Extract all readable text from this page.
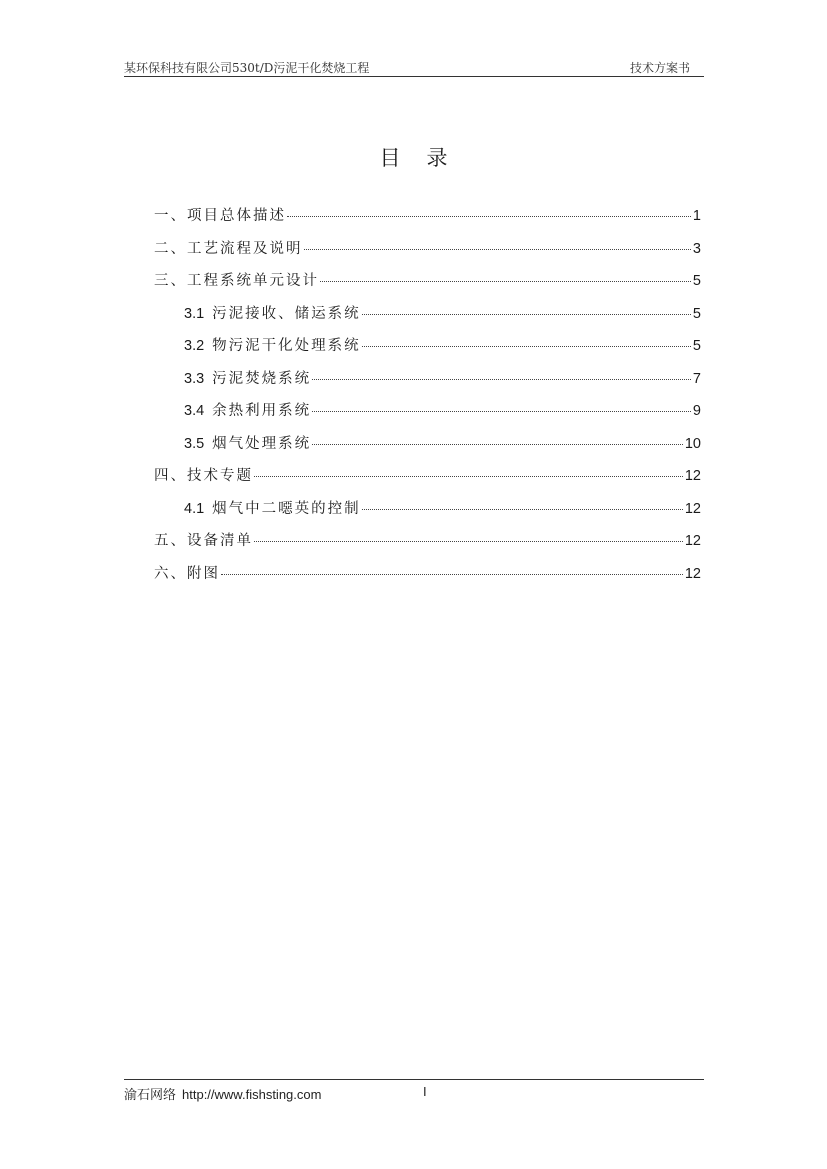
某环保科技有限公司530t/D污泥干化焚烧工程	技术方案书
目录
一、项目总体描述	1
二、工艺流程及说明	3
三、工程系统单元设计	5
3.1 污泥接收、储运系统	5
3.2 物污泥干化处理系统	5
3.3 污泥焚烧系统	7
3.4 余热利用系统	9
3.5 烟气处理系统	10
四、技术专题	12
4.1 烟气中二噁英的控制	12
五、设备清单	12
六、附图	12
渝石网络 http://www.fishsting.com	I
